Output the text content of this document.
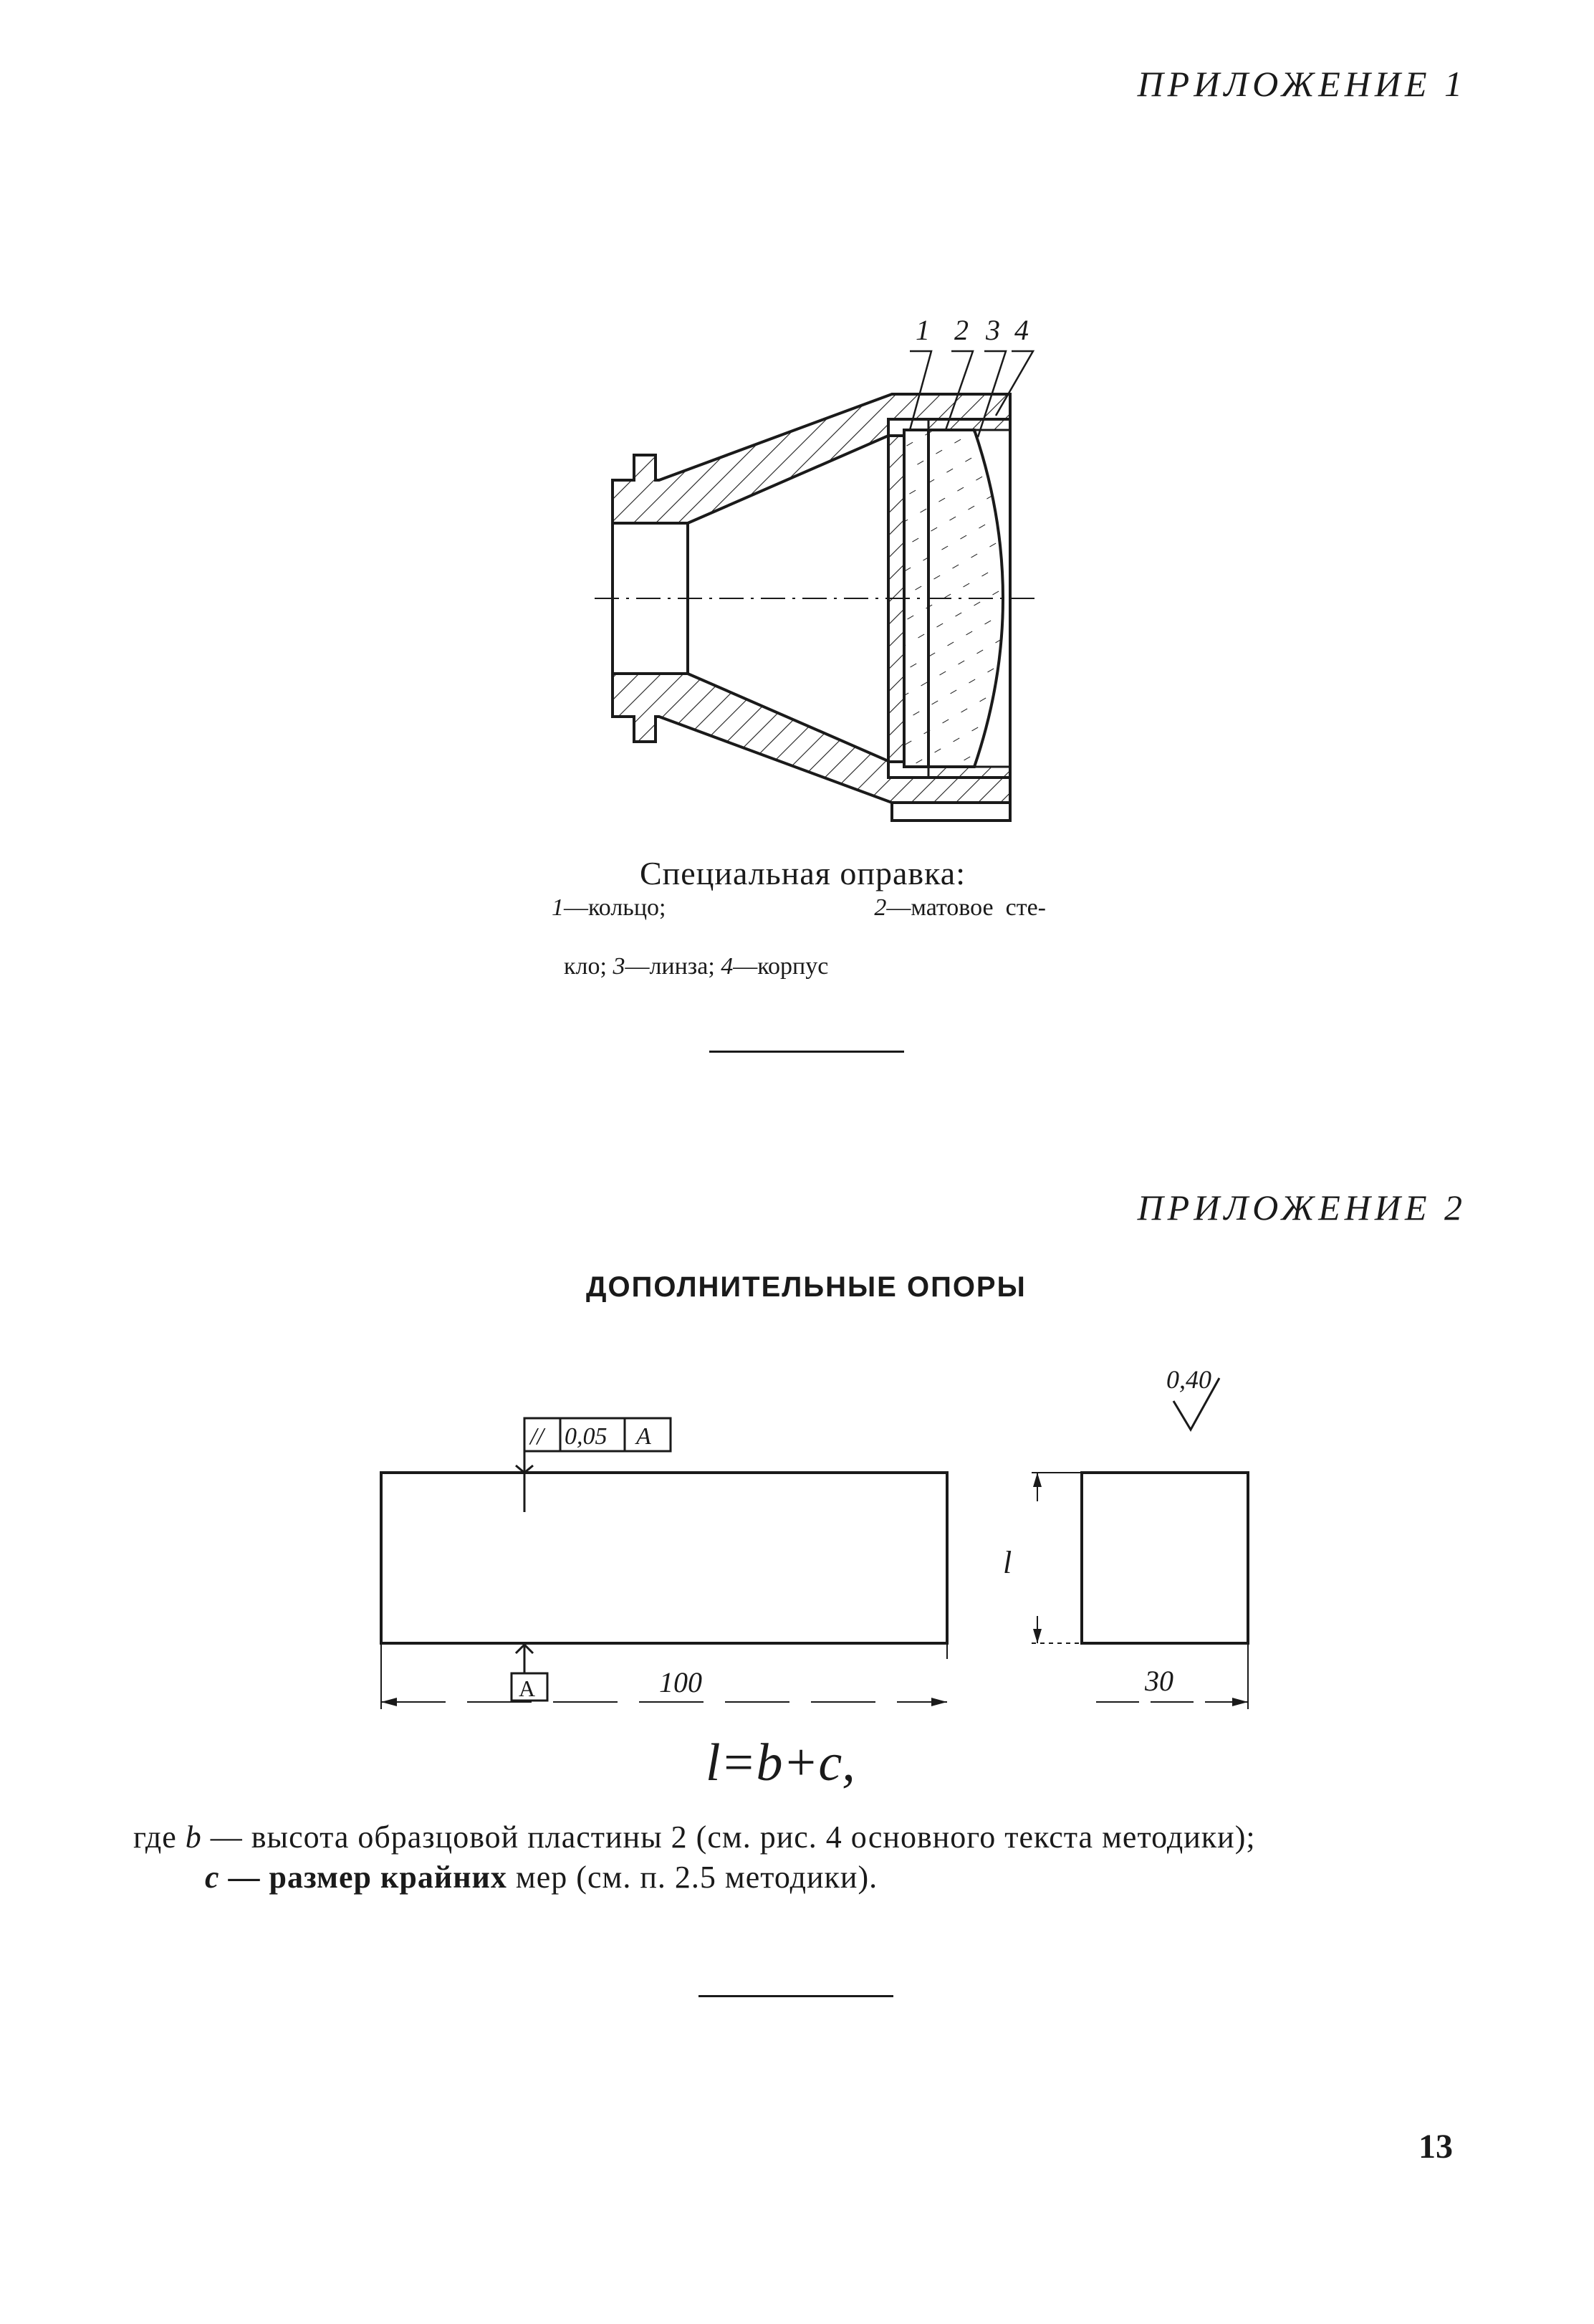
ПРИЛОЖЕНИЕ 1
1 2 3 4
Специальная оправка:
1—кольцо;	2—матовое  сте-

кло; 3—линза; 4—корпус

ПРИЛОЖЕНИЕ 2
ДОПОЛНИТЕЛЬНЫЕ ОПОРЫ
// 0,05 A
A	100
0,40
l
30
l=b+c,
где b — высота образцовой пластины 2 (см. рис. 4 основного текста методики);
c — размер крайних мер (см. п. 2.5 методики).
13
